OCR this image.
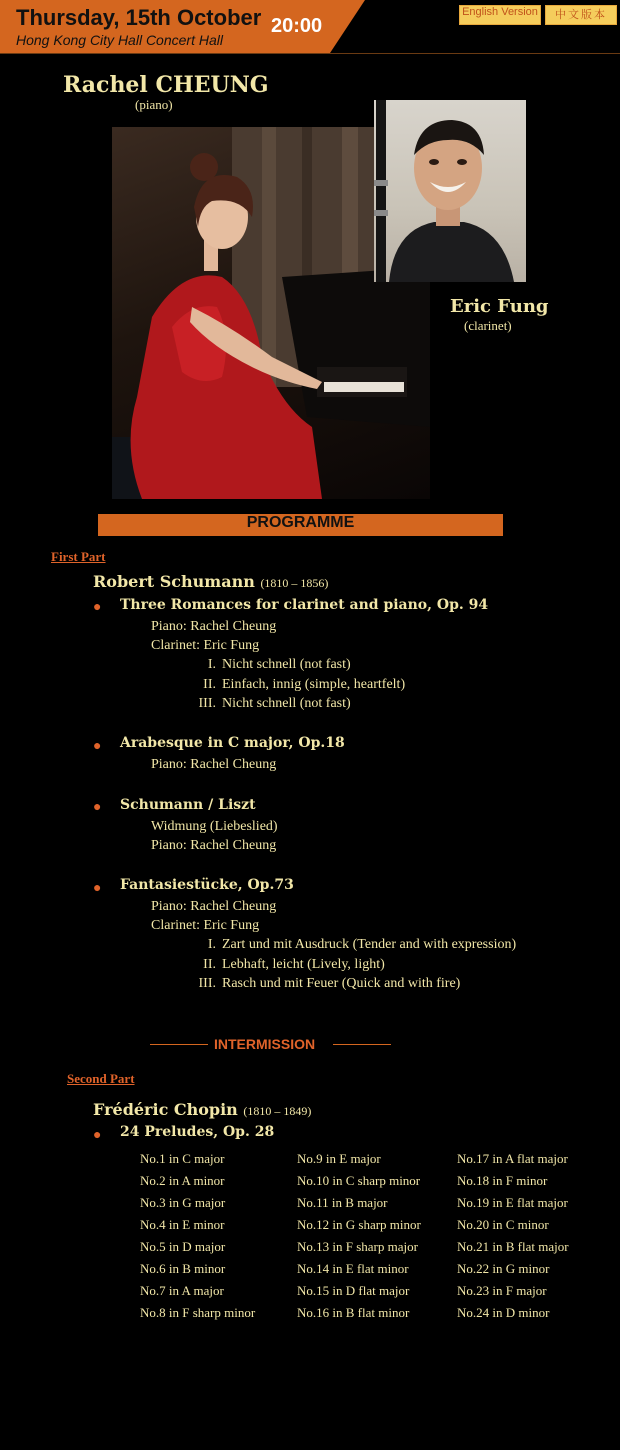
Thursday, 15th October
Hong Kong City Hall Concert Hall
20:00
English Version	中文版本
Rachel CHEUNG
(piano)
Eric Fung
(clarinet)
PROGRAMME
First Part
Robert Schumann (1810 – 1856)
● Three Romances for clarinet and piano, Op. 94
Piano: Rachel Cheung
Clarinet: Eric Fung
I. Nicht schnell (not fast)
II. Einfach, innig (simple, heartfelt)
III. Nicht schnell (not fast)
● Arabesque in C major, Op.18
Piano: Rachel Cheung
● Schumann / Liszt
Widmung (Liebeslied)
Piano: Rachel Cheung
● Fantasiestücke, Op.73
Piano: Rachel Cheung
Clarinet: Eric Fung
I. Zart und mit Ausdruck (Tender and with expression)
II. Lebhaft, leicht (Lively, light)
III. Rasch und mit Feuer (Quick and with fire)
INTERMISSION
Second Part
Frédéric Chopin (1810 – 1849)
● 24 Preludes, Op. 28
No.1 in C major
No.2 in A minor
No.3 in G major
No.4 in E minor
No.5 in D major
No.6 in B minor
No.7 in A major
No.8 in F sharp minor
No.9 in E major
No.10 in C sharp minor
No.11 in B major
No.12 in G sharp minor
No.13 in F sharp major
No.14 in E flat minor
No.15 in D flat major
No.16 in B flat minor
No.17 in A flat major
No.18 in F minor
No.19 in E flat major
No.20 in C minor
No.21 in B flat major
No.22 in G minor
No.23 in F major
No.24 in D minor
